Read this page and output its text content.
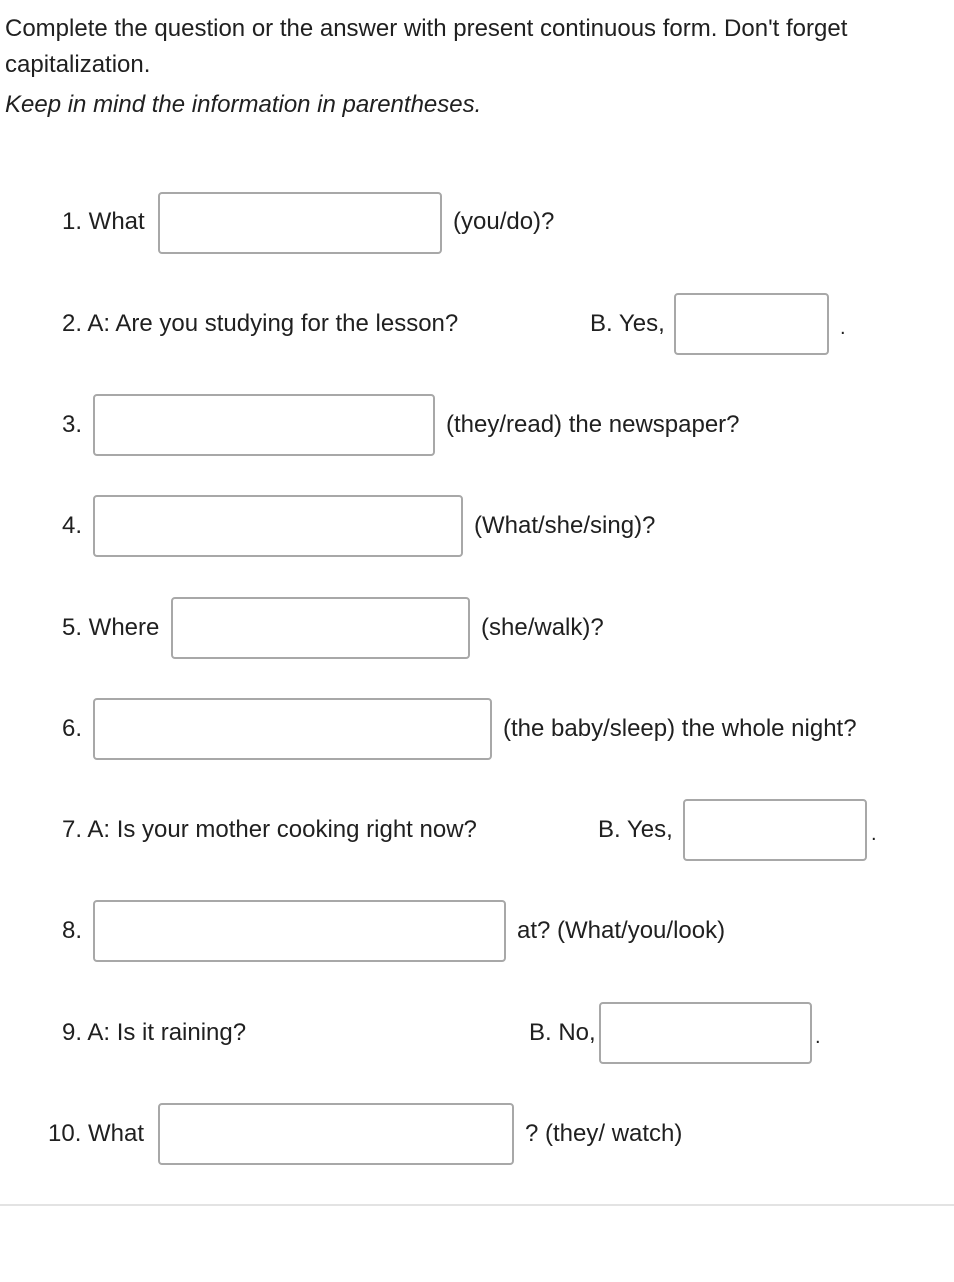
Complete the question or the answer with present continuous form. Don't forget capitalization.

Keep in mind the information in parentheses.

1. What	(you/do)?
2. A: Are you studying for the lesson?	B. Yes,	.
3.	(they/read) the newspaper?
4.	(What/she/sing)?
5. Where	(she/walk)?
6.	(the baby/sleep) the whole night?
7. A: Is your mother cooking right now?	B. Yes,	.
8.	at? (What/you/look)
9. A: Is it raining?	B. No,	.
10. What	? (they/ watch)
